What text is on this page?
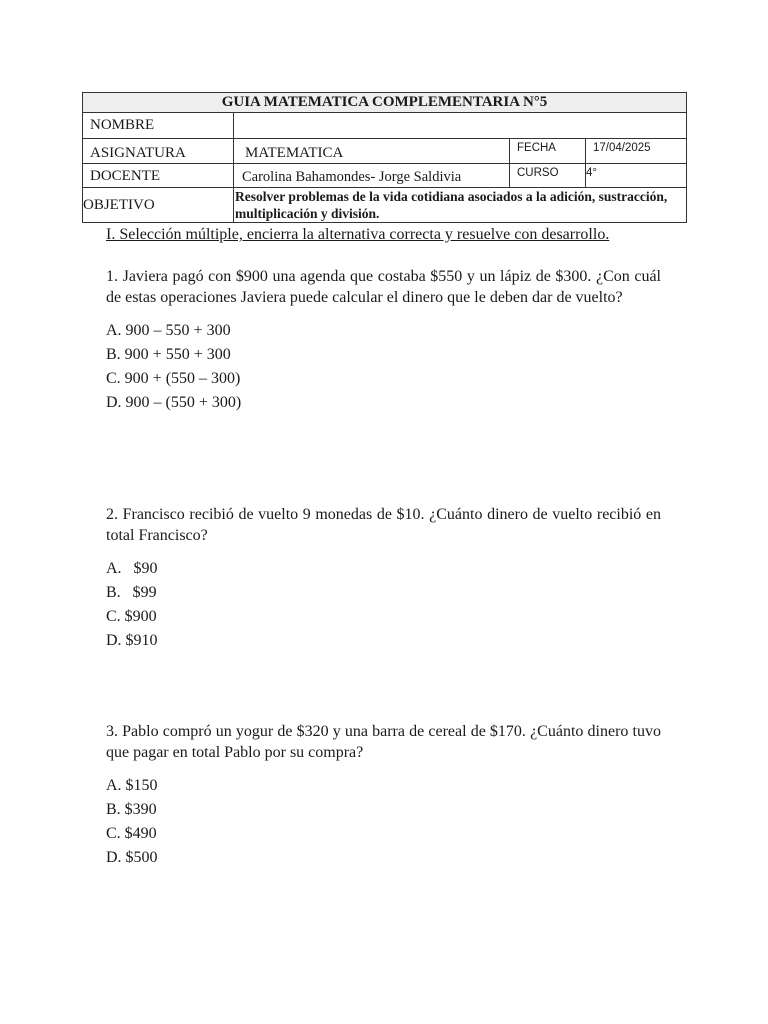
GUIA MATEMATICA COMPLEMENTARIA N°5			
NOMBRE			
ASIGNATURA	MATEMATICA	FECHA	17/04/2025
DOCENTE	Carolina Bahamondes- Jorge Saldivia	CURSO	4°
OBJETIVO	Resolver problemas de la vida cotidiana asociados a la adición, sustracción, multiplicación y división.		
I. Selección múltiple, encierra la alternativa correcta y resuelve con desarrollo.
1. Javiera pagó con $900 una agenda que costaba $550 y un lápiz de $300. ¿Con cuál de estas operaciones Javiera puede calcular el dinero que le deben dar de vuelto?
A. 900 – 550 + 300
B. 900 + 550 + 300
C. 900 + (550 – 300)
D. 900 – (550 + 300)
2. Francisco recibió de vuelto 9 monedas de $10. ¿Cuánto dinero de vuelto recibió en total Francisco?
A.   $90
B.   $99
C. $900
D. $910
3. Pablo compró un yogur de $320 y una barra de cereal de $170. ¿Cuánto dinero tuvo que pagar en total Pablo por su compra?
A. $150
B. $390
C. $490
D. $500
